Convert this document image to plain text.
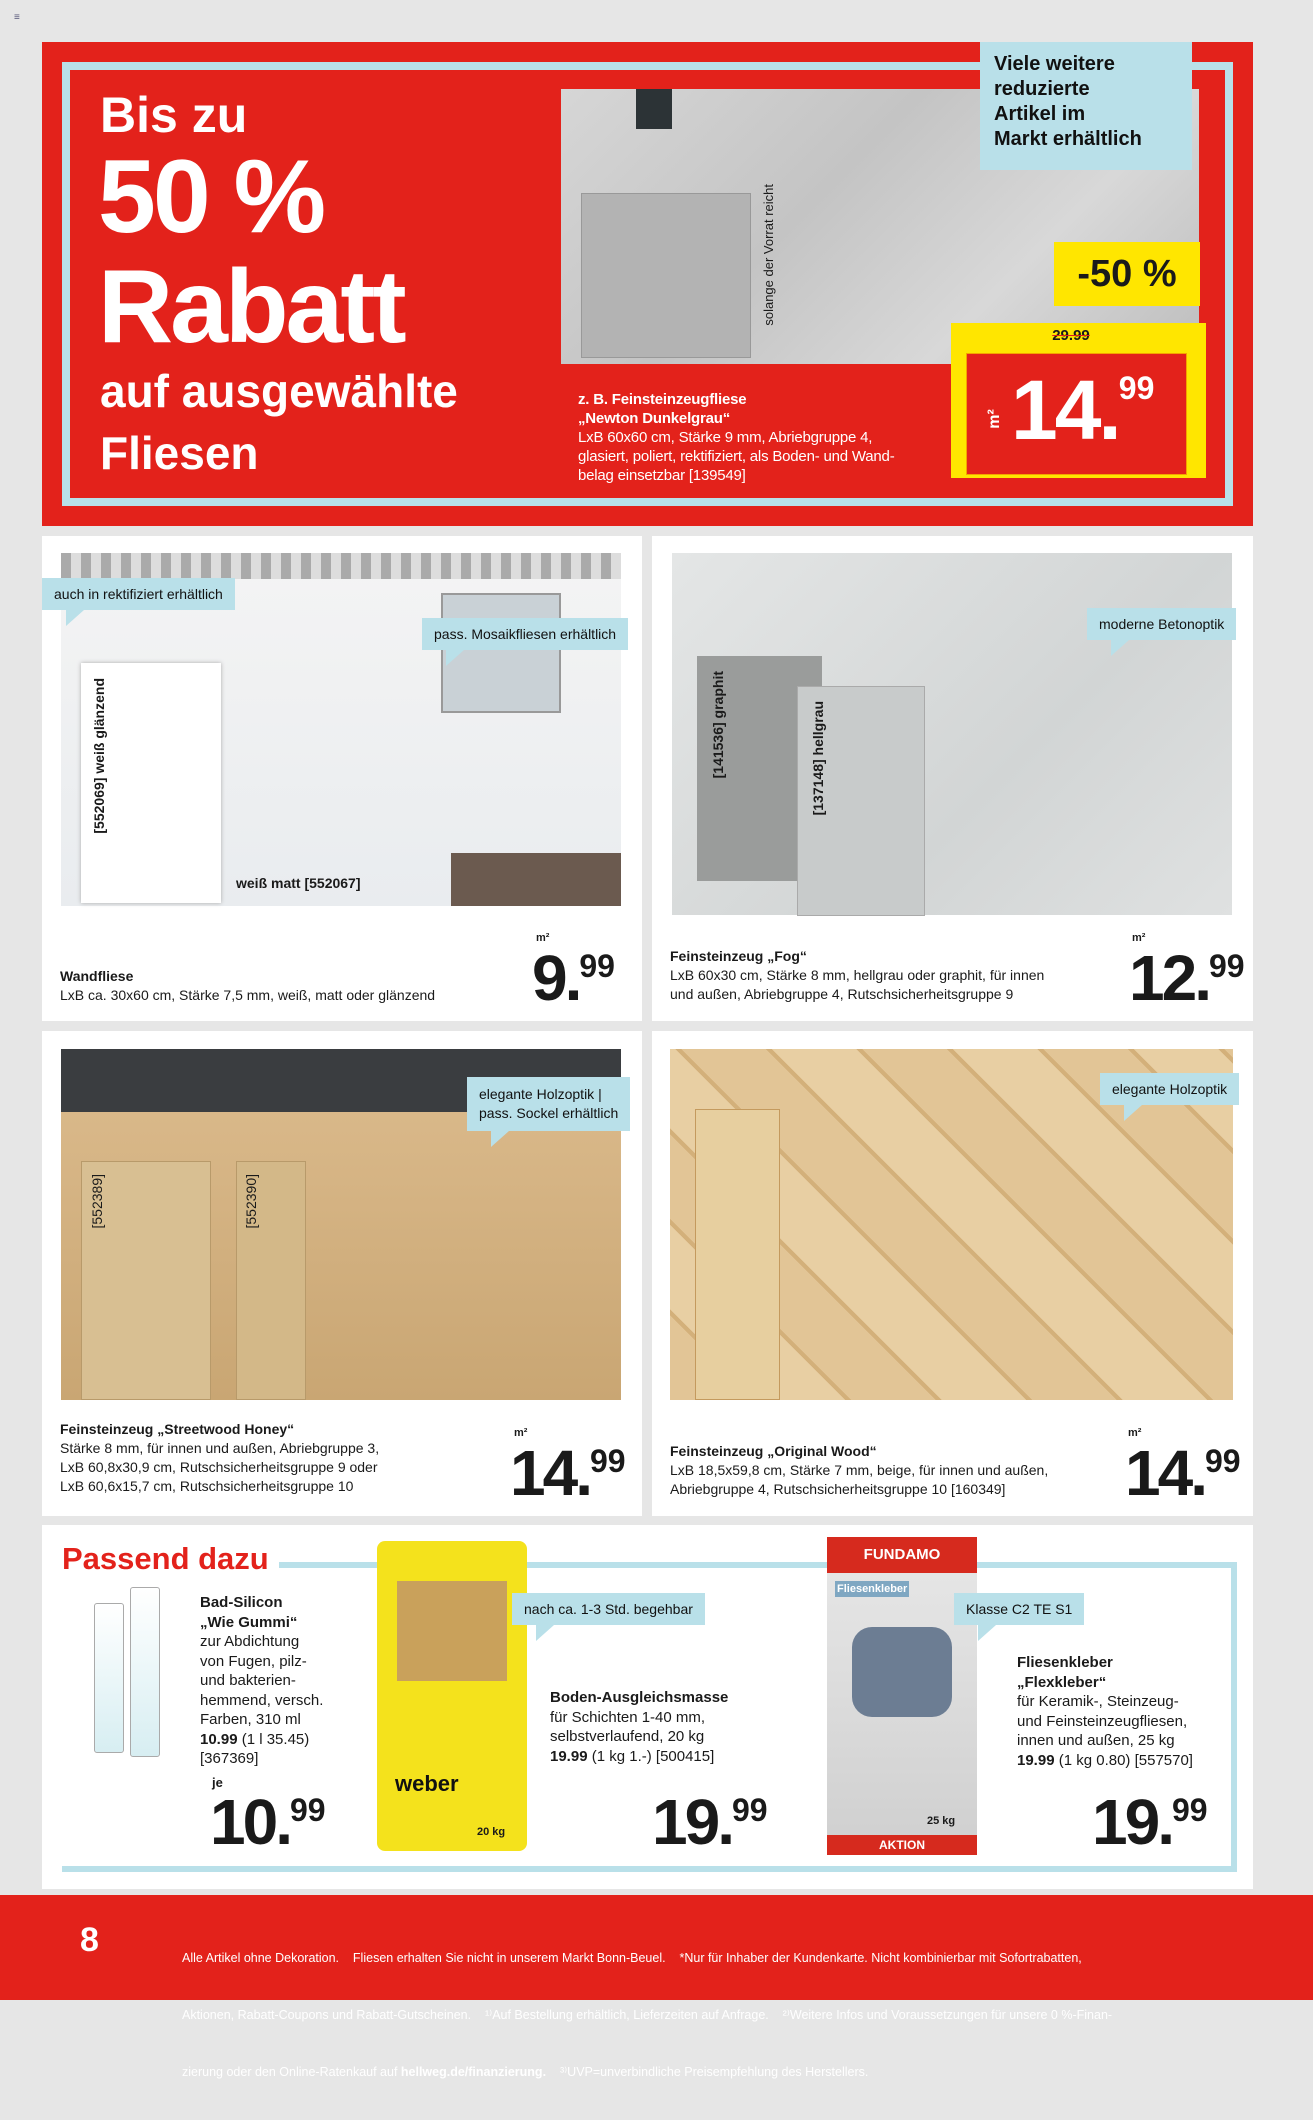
≡
solange der Vorrat reicht
Bis zu
50 %
Rabatt
auf ausgewählte
Fliesen
Viele weitere
reduzierte
Artikel im
Markt erhältlich
-50 %
29.99
m² 14.99
z. B. Feinsteinzeugfliese
„Newton Dunkelgrau“
LxB 60x60 cm, Stärke 9 mm, Abriebgruppe 4,
glasiert, poliert, rektifiziert, als Boden- und Wand-
belag einsetzbar [139549]
[552069] weiß glänzend
weiß matt [552067]
auch in rektifiziert erhältlich
pass. Mosaikfliesen erhältlich
Wandfliese
LxB ca. 30x60 cm, Stärke 7,5 mm, weiß, matt oder glänzend
m²
9.99
[141536] graphit	[137148] hellgrau
moderne Betonoptik
Feinsteinzeug „Fog“
LxB 60x30 cm, Stärke 8 mm, hellgrau oder graphit, für innen
und außen, Abriebgruppe 4, Rutschsicherheitsgruppe 9
m²
12.99
[552389]	[552390]
elegante Holzoptik |
pass. Sockel erhältlich
Feinsteinzeug „Streetwood Honey“
Stärke 8 mm, für innen und außen, Abriebgruppe 3,
LxB 60,8x30,9 cm, Rutschsicherheitsgruppe 9 oder
LxB 60,6x15,7 cm, Rutschsicherheitsgruppe 10
m²
14.99
elegante Holzoptik
Feinsteinzeug „Original Wood“
LxB 18,5x59,8 cm, Stärke 7 mm, beige, für innen und außen,
Abriebgruppe 4, Rutschsicherheitsgruppe 10 [160349]
m²
14.99
Passend dazu
Bad-Silicon
„Wie Gummi“
zur Abdichtung
von Fugen, pilz-
und bakterien-
hemmend, versch.
Farben, 310 ml
10.99 (1 l 35.45)
[367369]
je
10.99
weber
20 kg
nach ca. 1-3 Std. begehbar
Boden-Ausgleichsmasse
für Schichten 1-40 mm,
selbstverlaufend, 20 kg
19.99 (1 kg 1.-) [500415]
19.99
FUNDAMO
Fliesenkleber
25 kg
AKTION
Klasse C2 TE S1
Fliesenkleber
„Flexkleber“
für Keramik-, Steinzeug-
und Feinsteinzeugfliesen,
innen und außen, 25 kg
19.99 (1 kg 0.80) [557570]
19.99
8

	Alle Artikel ohne Dekoration.    Fliesen erhalten Sie nicht in unserem Markt Bonn-Beuel.    *Nur für Inhaber der Kundenkarte. Nicht kombinierbar mit Sofortrabatten,

Aktionen, Rabatt-Coupons und Rabatt-Gutscheinen.    ¹⁾Auf Bestellung erhältlich, Lieferzeiten auf Anfrage.    ²⁾Weitere Infos und Voraussetzungen für unsere 0 %-Finan-

zierung oder den Online-Ratenkauf auf hellweg.de/finanzierung.    ³⁾UVP=unverbindliche Preisempfehlung des Herstellers.
